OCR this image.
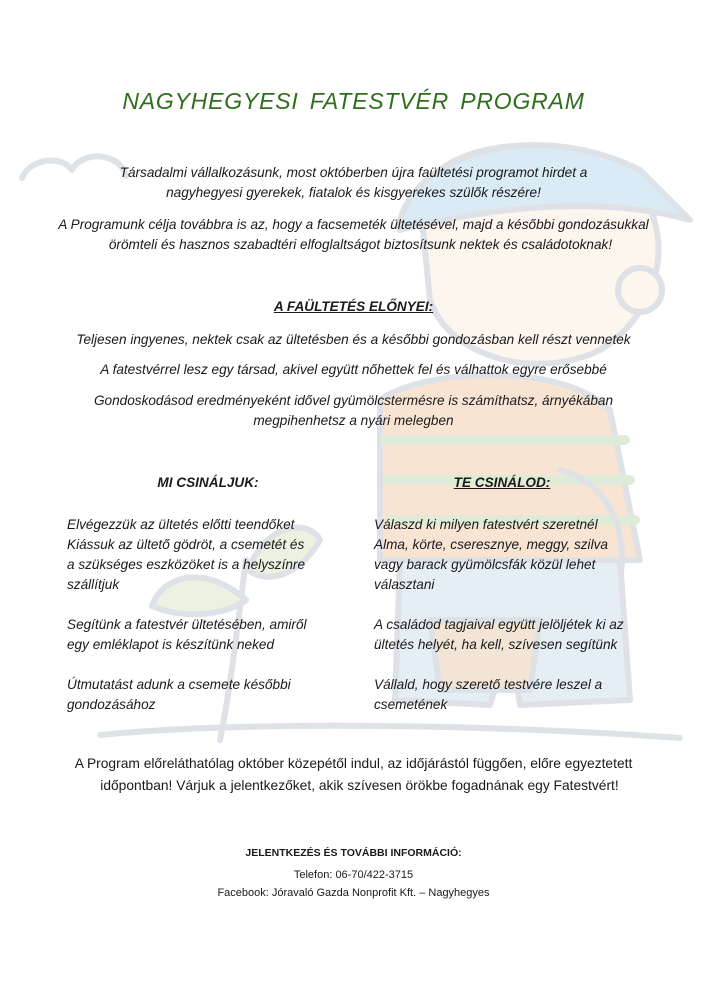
NAGYHEGYESI FATESTVÉR PROGRAM
Társadalmi vállalkozásunk, most októberben újra faültetési programot hirdet a
nagyhegyesi gyerekek, fiatalok és kisgyerekes szülők részére!
A Programunk célja továbbra is az, hogy a facsemeték ültetésével, majd a későbbi gondozásukkal
örömteli és hasznos szabadtéri elfoglaltságot biztosítsunk nektek és családotoknak!
A FAÜLTETÉS ELŐNYEI:
Teljesen ingyenes, nektek csak az ültetésben és a későbbi gondozásban kell részt vennetek
A fatestvérrel lesz egy társad, akivel együtt nőhettek fel és válhattok egyre erősebbé
Gondoskodásod eredményeként idővel gyümölcstermésre is számíthatsz, árnyékában
megpihenhetsz a nyári melegben
MI CSINÁLJUK:	TE CSINÁLOD:
Elvégezzük az ültetés előtti teendőket
Kiássuk az ültető gödröt, a csemetét és
a szükséges eszközöket is a helyszínre
szállítjuk

Segítünk a fatestvér ültetésében, amiről
egy emléklapot is készítünk neked

Útmutatást adunk a csemete későbbi
gondozásához
Válaszd ki milyen fatestvért szeretnél
Alma, körte, cseresznye, meggy, szilva
vagy barack gyümölcsfák közül lehet
választani

A családod tagjaival együtt jelöljétek ki az
ültetés helyét, ha kell, szívesen segítünk

Vállald, hogy szerető testvére leszel a
csemetének
A Program előreláthatólag október közepétől indul, az időjárástól függően, előre egyeztetett
időpontban! Várjuk a jelentkezőket, akik szívesen örökbe fogadnának egy Fatestvért!
JELENTKEZÉS ÉS TOVÁBBI INFORMÁCIÓ:
Telefon: 06-70/422-3715
Facebook: Jóravaló Gazda Nonprofit Kft. – Nagyhegyes
